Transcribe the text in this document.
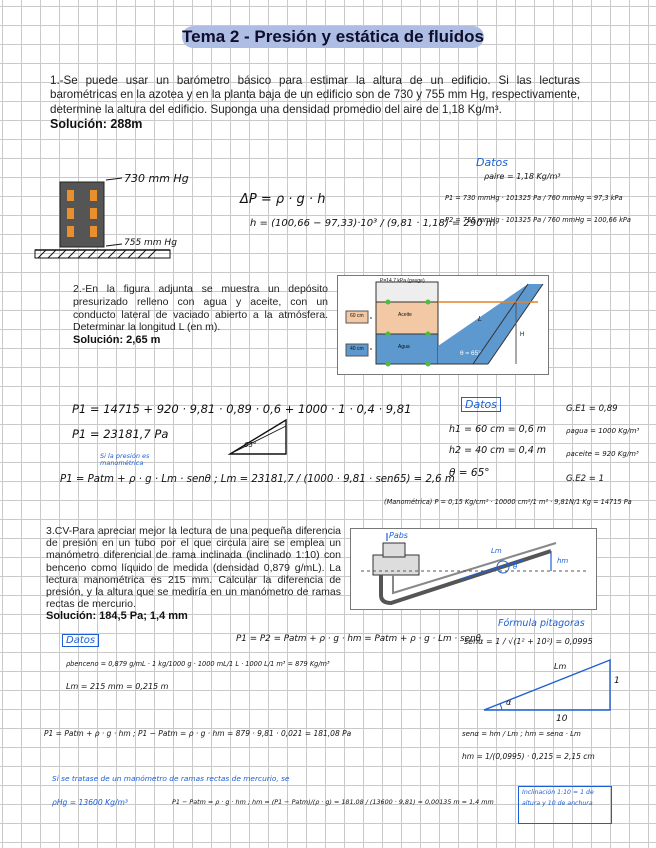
Tema 2 - Presión y estática de fluidos
1.-Se puede usar un barómetro básico para estimar la altura de un edificio. Si las lecturas barométricas en la azotea y en la planta baja de un edificio son de 730 y 755 mm Hg, respectivamente, determine la altura del edificio. Suponga una densidad promedio del aire de 1,18 Kg/m³.
Solución: 288m
730 mm Hg
755 mm Hg
ΔP = ρ · g · h
h = (100,66 − 97,33)·10³ / (9,81 · 1,18) = 290 m
Datos
ρaire = 1,18 Kg/m³
P1 = 730 mmHg · 101325 Pa / 760 mmHg = 97,3 kPa
P2 = 755 mmHg · 101325 Pa / 760 mmHg = 100,66 kPa
2.-En la figura adjunta se muestra un depósito presurizado relleno con agua y aceite, con un conducto lateral de vaciado abierto a la atmósfera. Determinar la longitud L (en m).
Solución: 2,65 m
P=14,7 kPa (gauge)
60 cm
40 cm
Aceite
Agua
L
H
θ = 65°
P1 = 14715 + 920 · 9,81 · 0,89 · 0,6 + 1000 · 1 · 0,4 · 9,81
P1 = 23181,7 Pa
Si la presión es manométrica
65°
P1 = Patm + ρ · g · Lm · senθ ; Lm = 23181,7 / (1000 · 9,81 · sen65) = 2,6 m
Datos
h1 = 60 cm = 0,6 m
h2 = 40 cm = 0,4 m
θ = 65°
G.E1 = 0,89
ρagua = 1000 Kg/m³
ρaceite = 920 Kg/m³
G.E2 = 1
(Manométrica) P = 0,15 Kg/cm² · 10000 cm²/1 m² · 9,81N/1 Kg = 14715 Pa
3.CV-Para apreciar mejor la lectura de una pequeña diferencia de presión en un tubo por el que circula aire se emplea un manómetro diferencial de rama inclinada (inclinado 1:10) con benceno como líquido de medida (densidad 0,879 g/mL). La lectura manométrica es 215 mm. Calcular la diferencia de presión, y la altura que se mediría en un manómetro de ramas rectas de mercurio.
Solución: 184,5 Pa; 1,4 mm
Pabs
Lm
hm
θ
Datos	P1 = P2 = Patm + ρ · g · hm = Patm + ρ · g · Lm · senθ
ρbenceno = 0,879 g/mL · 1 kg/1000 g · 1000 mL/1 L · 1000 L/1 m³ = 879 Kg/m³
Lm = 215 mm = 0,215 m
Fórmula pitagoras
senα = 1 / √(1² + 10²) = 0,0995
Lm
1
10
α
P1 = Patm + ρ · g · hm ; P1 − Patm = ρ · g · hm = 879 · 9,81 · 0,021 = 181,08 Pa	senα = hm / Lm ; hm = senα · Lm
hm = 1/(0,0995) · 0,215 = 2,15 cm
Si se tratase de un manómetro de ramas rectas de mercurio, se
ρHg = 13600 Kg/m³	P1 − Patm = ρ · g · hm ; hm = (P1 − Patm)/(ρ · g) = 181,08 / (13600 · 9,81) = 0,00135 m = 1,4 mm
Inclinación 1:10 = 1 de altura y 10 de anchura
